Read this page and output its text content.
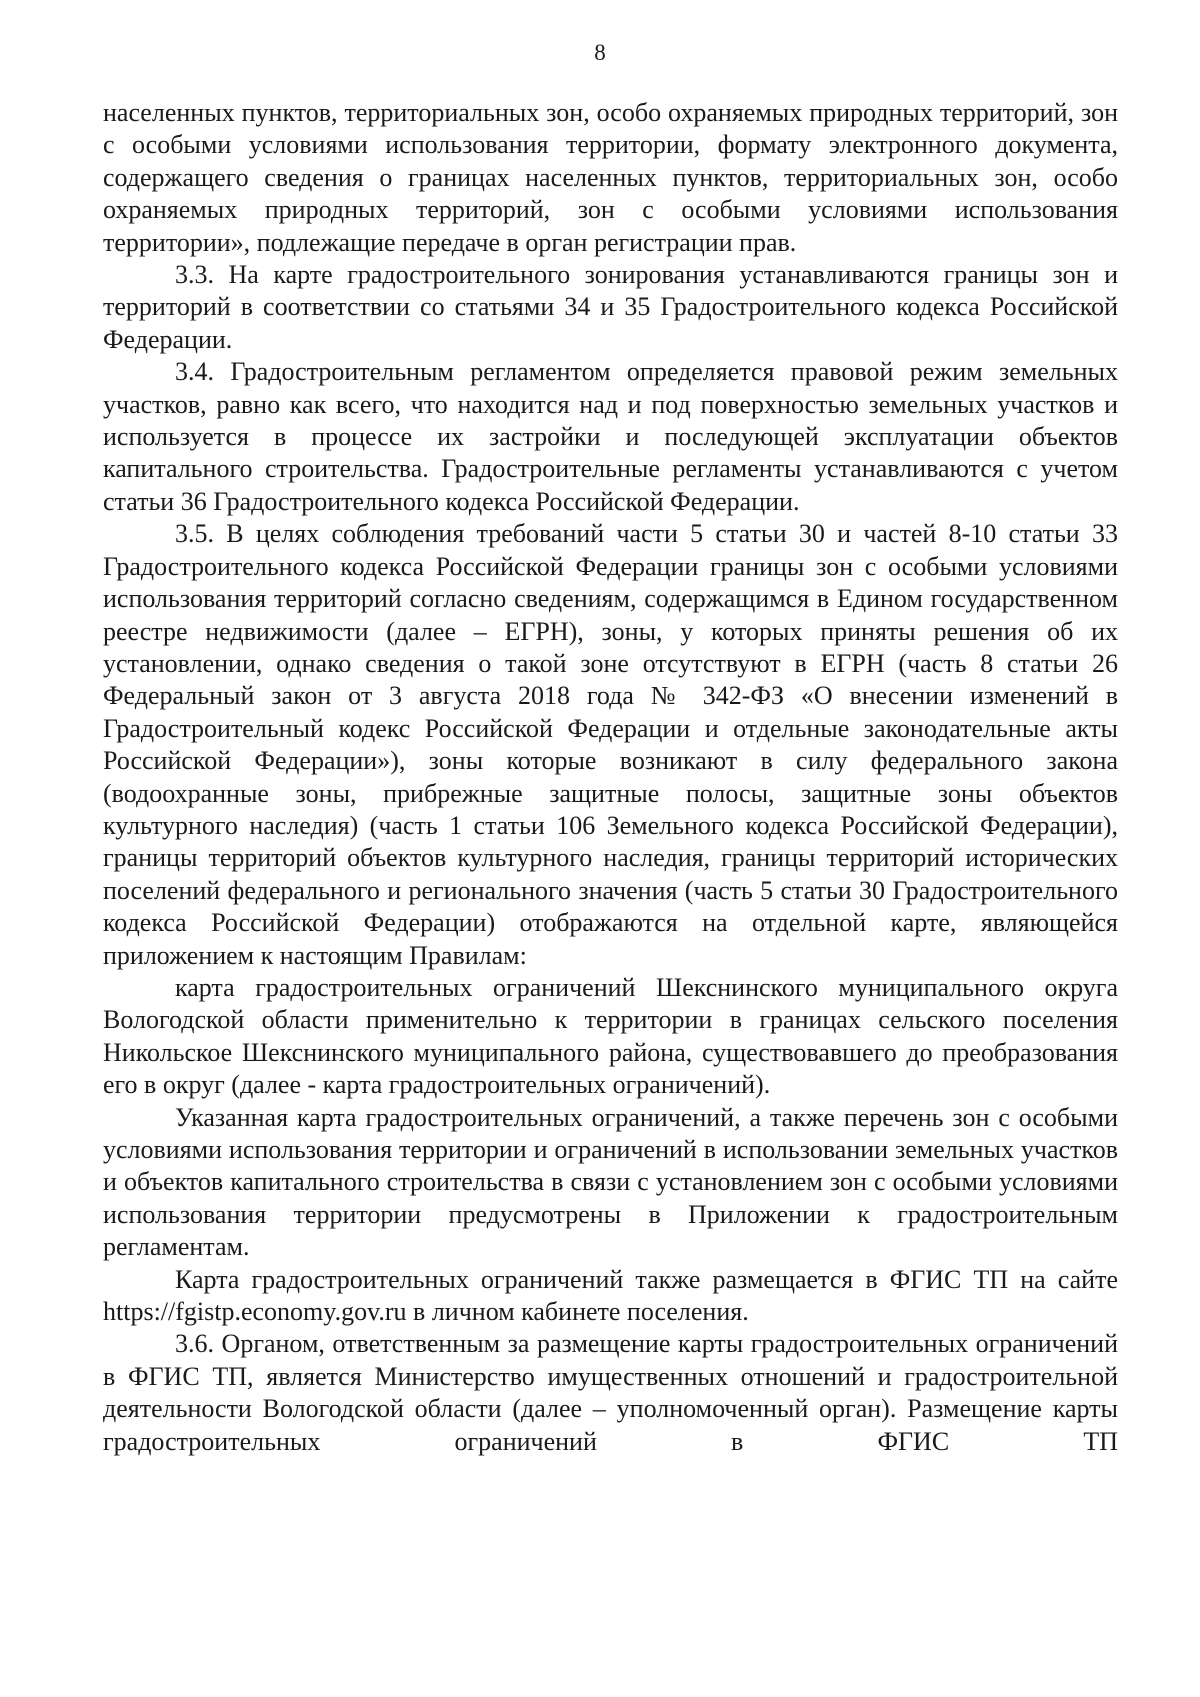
8

населенных пунктов, территориальных зон, особо охраняемых природных территорий, зон с особыми условиями использования территории, формату электронного документа, содержащего сведения о границах населенных пунктов, территориальных зон, особо охраняемых природных территорий, зон с особыми условиями использования территории», подлежащие передаче в орган регистрации прав.

3.3. На карте градостроительного зонирования устанавливаются границы зон и территорий в соответствии со статьями 34 и 35 Градостроительного кодекса Российской Федерации.

3.4. Градостроительным регламентом определяется правовой режим земельных участков, равно как всего, что находится над и под поверхностью земельных участков и используется в процессе их застройки и последующей эксплуатации объектов капитального строительства. Градостроительные регламенты устанавливаются с учетом статьи 36 Градостроительного кодекса Российской Федерации.

3.5. В целях соблюдения требований части 5 статьи 30 и частей 8-10 статьи 33 Градостроительного кодекса Российской Федерации границы зон с особыми условиями использования территорий согласно сведениям, содержащимся в Едином государственном реестре недвижимости (далее – ЕГРН), зоны, у которых приняты решения об их установлении, однако сведения о такой зоне отсутствуют в ЕГРН (часть 8 статьи 26 Федеральный закон от 3 августа 2018 года № 342-ФЗ «О внесении изменений в Градостроительный кодекс Российской Федерации и отдельные законодательные акты Российской Федерации»), зоны которые возникают в силу федерального закона (водоохранные зоны, прибрежные защитные полосы, защитные зоны объектов культурного наследия) (часть 1 статьи 106 Земельного кодекса Российской Федерации), границы территорий объектов культурного наследия, границы территорий исторических поселений федерального и регионального значения (часть 5 статьи 30 Градостроительного кодекса Российской Федерации) отображаются на отдельной карте, являющейся приложением к настоящим Правилам:

карта градостроительных ограничений Шекснинского муниципального округа Вологодской области применительно к территории в границах сельского поселения Никольское Шекснинского муниципального района, существовавшего до преобразования его в округ (далее - карта градостроительных ограничений).

Указанная карта градостроительных ограничений, а также перечень зон с особыми условиями использования территории и ограничений в использовании земельных участков и объектов капитального строительства в связи с установлением зон с особыми условиями использования территории предусмотрены в Приложении к градостроительным регламентам.

Карта градостроительных ограничений также размещается в ФГИС ТП на сайте https://fgistp.economy.gov.ru в личном кабинете поселения.

3.6. Органом, ответственным за размещение карты градостроительных ограничений в ФГИС ТП, является Министерство имущественных отношений и градостроительной деятельности Вологодской области (далее – уполномоченный орган). Размещение карты градостроительных ограничений в ФГИС ТП
